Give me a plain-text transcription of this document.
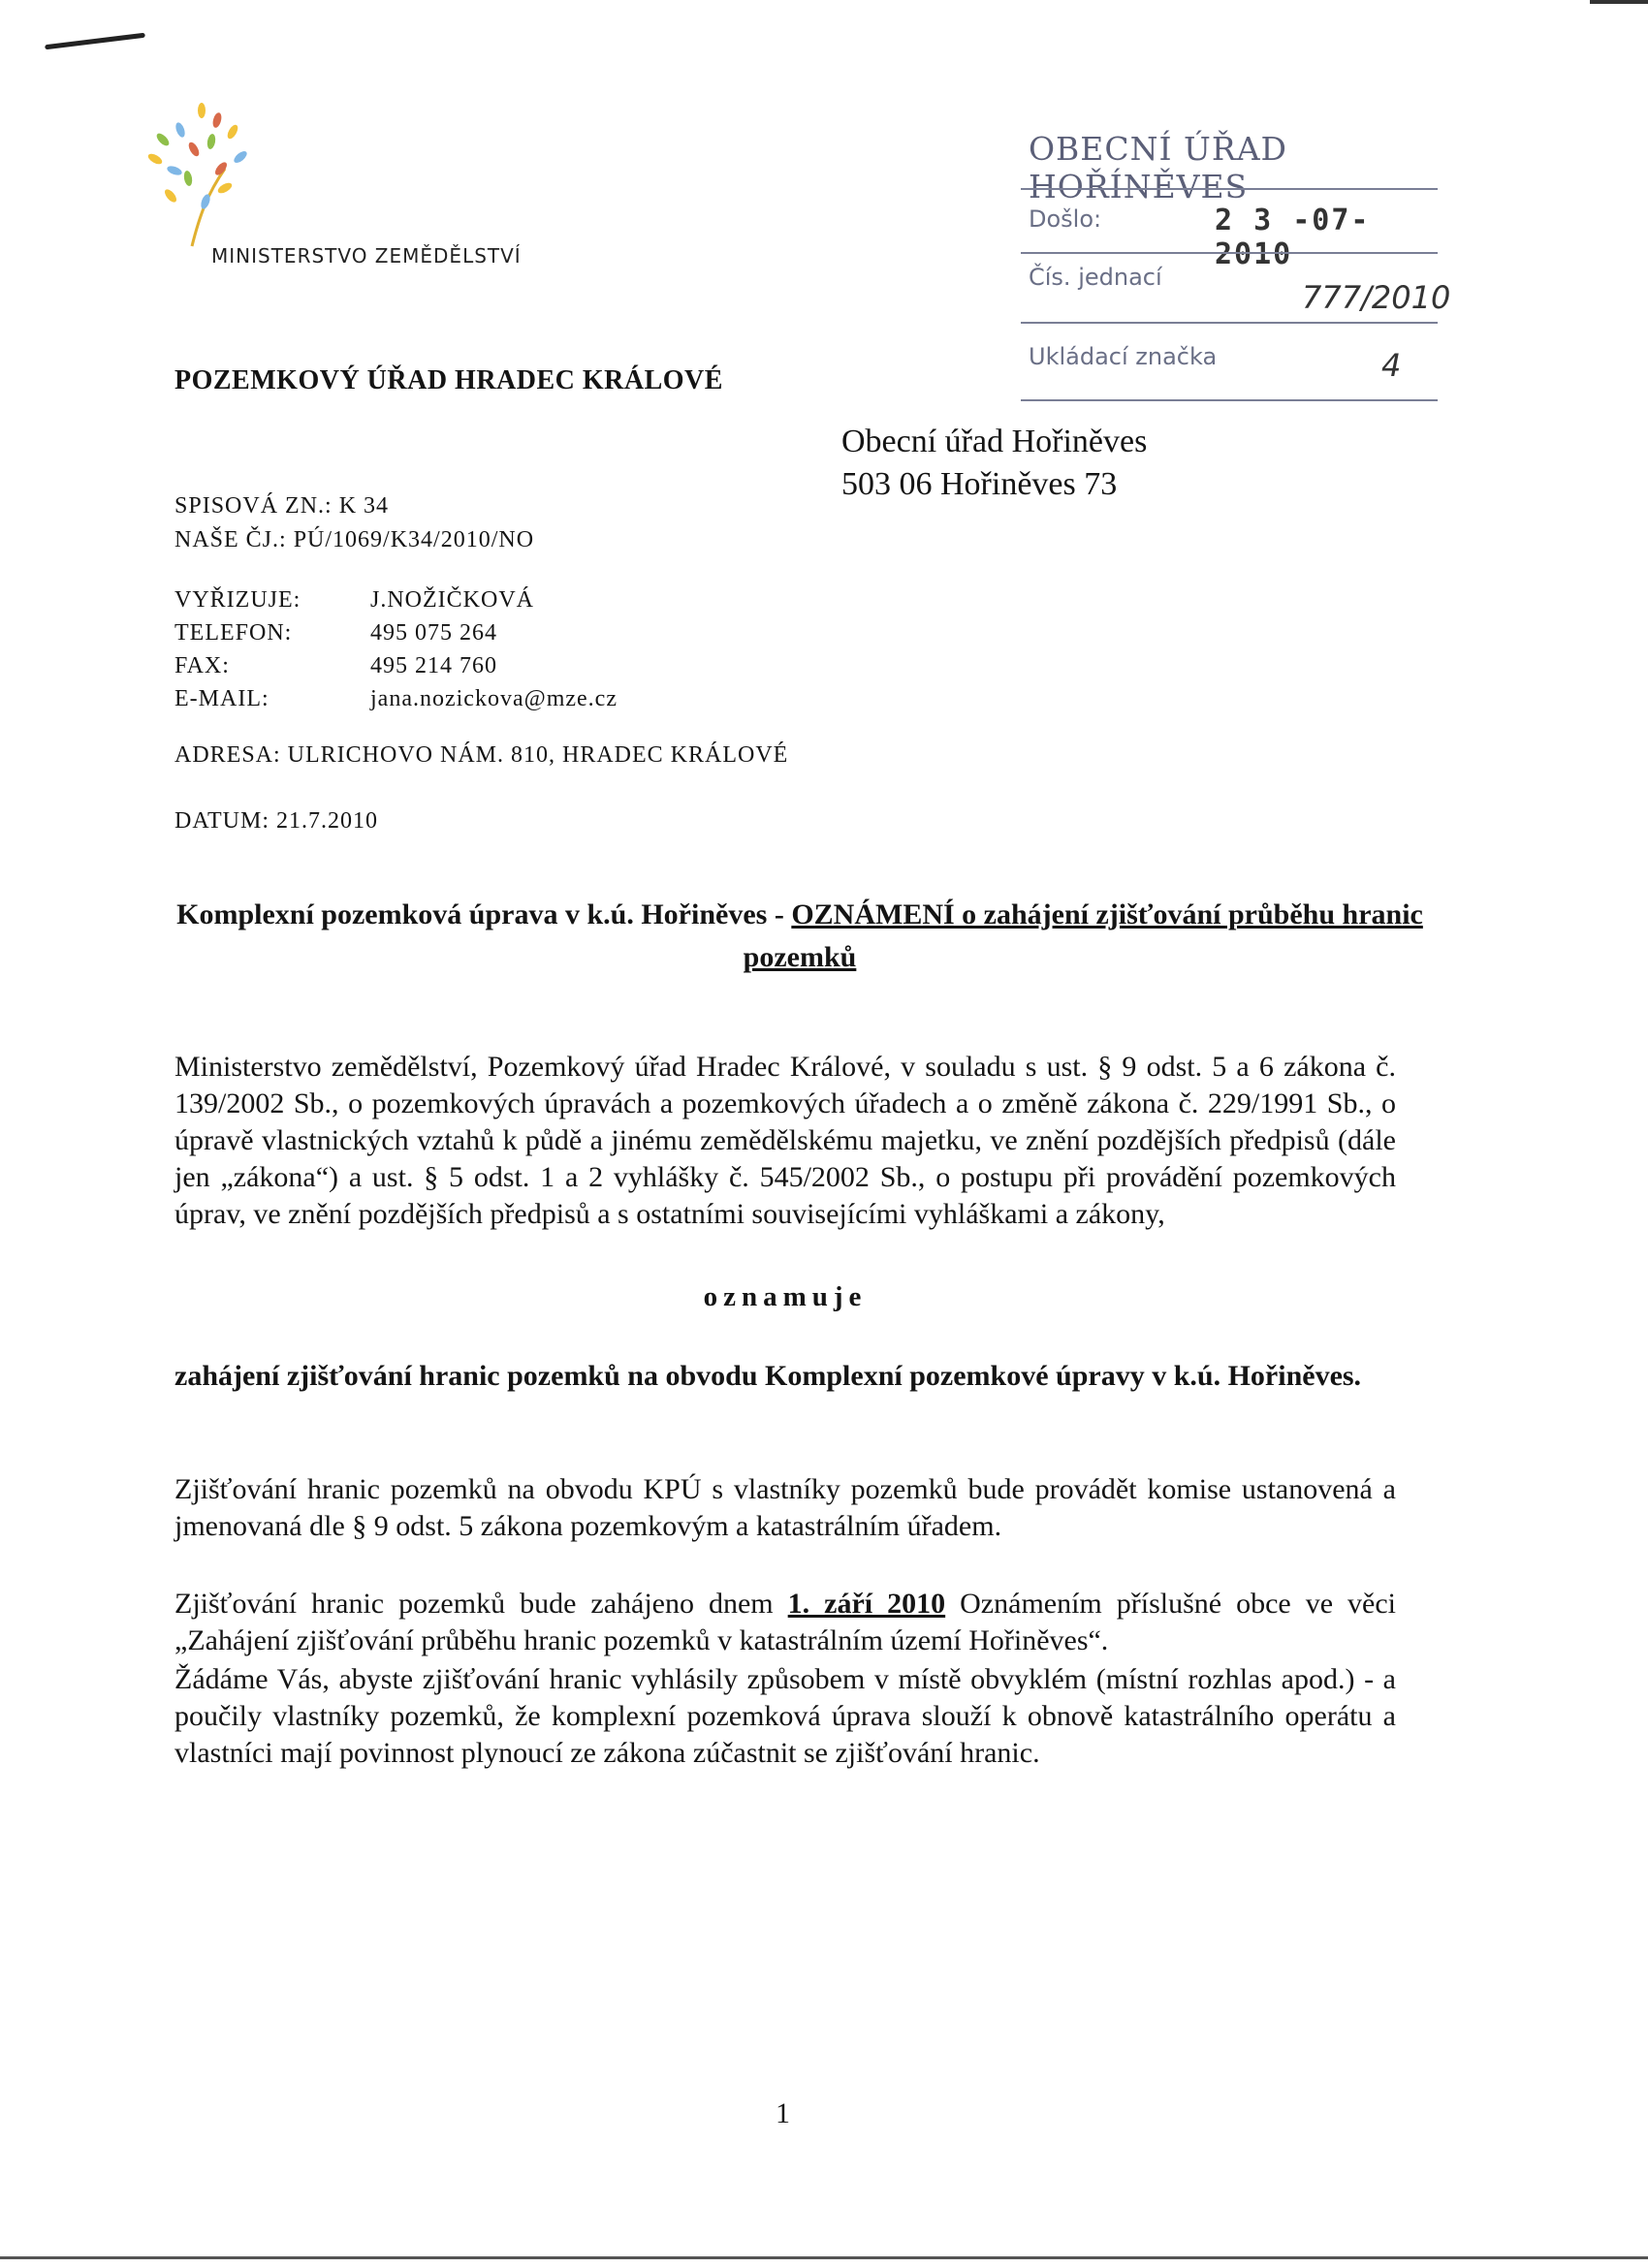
MINISTERSTVO ZEMĚDĚLSTVÍ
POZEMKOVÝ ÚŘAD HRADEC KRÁLOVÉ
OBECNÍ ÚŘAD HOŘÍNĚVES
Došlo:	2 3 -07- 2010
Čís. jednací
777/2010
Ukládací značka	4
Obecní úřad Hořiněves
503 06 Hořiněves 73
SPISOVÁ ZN.: K 34
NAŠE ČJ.: PÚ/1069/K34/2010/NO
VYŘIZUJE:	J.NOŽIČKOVÁ
TELEFON:	495 075 264
FAX:	495 214 760
E-MAIL:	jana.nozickova@mze.cz
ADRESA: ULRICHOVO NÁM. 810, HRADEC KRÁLOVÉ
DATUM: 21.7.2010
Komplexní pozemková úprava v k.ú. Hořiněves - OZNÁMENÍ o zahájení zjišťování průběhu hranic pozemků
Ministerstvo zemědělství, Pozemkový úřad Hradec Králové, v souladu s ust. § 9 odst. 5 a 6 zákona č. 139/2002 Sb., o pozemkových úpravách a pozemkových úřadech a o změně zákona č. 229/1991 Sb., o úpravě vlastnických vztahů k půdě a jinému zemědělskému majetku, ve znění pozdějších předpisů (dále jen „zákona“) a ust. § 5 odst. 1 a 2 vyhlášky č. 545/2002 Sb., o postupu při provádění pozemkových úprav, ve znění pozdějších předpisů a s ostatními souvisejícími vyhláškami a zákony,
oznamuje
zahájení zjišťování hranic pozemků na obvodu Komplexní pozemkové úpravy v k.ú. Hořiněves.
Zjišťování hranic pozemků na obvodu KPÚ s vlastníky pozemků bude provádět komise ustanovená a jmenovaná dle § 9 odst. 5 zákona pozemkovým a katastrálním úřadem.
Zjišťování hranic pozemků bude zahájeno dnem 1. září 2010 Oznámením příslušné obce ve věci „Zahájení zjišťování průběhu hranic pozemků v katastrálním území Hořiněves“.
Žádáme Vás, abyste zjišťování hranic vyhlásily způsobem v místě obvyklém (místní rozhlas apod.) - a poučily vlastníky pozemků, že komplexní pozemková úprava slouží k obnově katastrálního operátu a vlastníci mají povinnost plynoucí ze zákona zúčastnit se zjišťování hranic.
1
